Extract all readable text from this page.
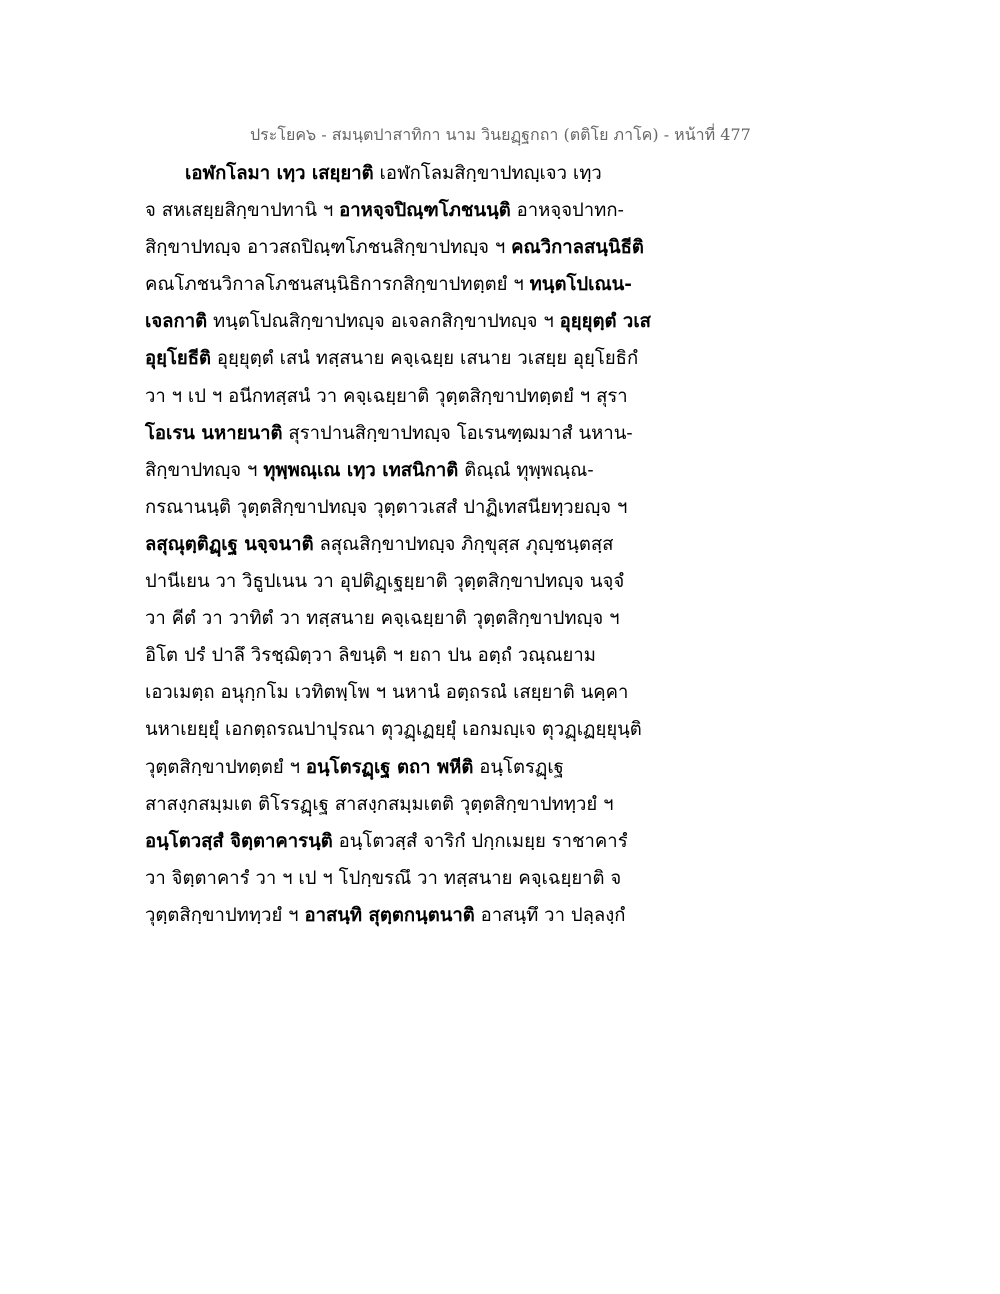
ประโยค๖ - สมนฺตปาสาทิกา นาม วินยฏฺฐกถา (ตติโย ภาโค) - หน้าที่ 477
เอฬกโลมา เทฺว เสยฺยาติ เอฬกโลมสิกฺขาปทญฺเจว เทฺว
จ สหเสยฺยสิกฺขาปทานิ ฯ อาหจฺจปิณฺฑโภชนนฺติ อาหจฺจปาทก-
สิกฺขาปทญฺจ อาวสถปิณฺฑโภชนสิกฺขาปทญฺจ ฯ คณวิกาลสนฺนิธีติ
คณโภชนวิกาลโภชนสนฺนิธิการกสิกฺขาปทตฺตยํ ฯ ทนฺตโปเณน-
เจลกาติ ทนฺตโปณสิกฺขาปทญฺจ อเจลกสิกฺขาปทญฺจ ฯ อุยฺยุตฺตํ วเส
อุยฺโยธีติ อุยฺยุตฺตํ เสนํ ทสฺสนาย คจฺเฉยฺย เสนาย วเสยฺย อุยฺโยธิกํ
วา ฯ เป ฯ อนีกทสฺสนํ วา คจฺเฉยฺยาติ วุตฺตสิกฺขาปทตฺตยํ ฯ สุรา
โอเรน นหายนาติ สุราปานสิกฺขาปทญฺจ โอเรนฑฺฒมาสํ นหาน-
สิกฺขาปทญฺจ ฯ ทุพฺพณฺเณ เทฺว เทสนิกาติ ติณฺณํ ทุพฺพณฺณ-
กรณานนฺติ วุตฺตสิกฺขาปทญฺจ วุตฺตาวเสสํ ปาฏิเทสนียทฺวยญฺจ ฯ
ลสุณุตฺติฏฺเฐ นจฺจนาติ ลสุณสิกฺขาปทญฺจ ภิกฺขุสฺส ภุญฺชนฺตสฺส
ปานีเยน วา วิธูปเนน วา อุปติฏฺเฐยฺยาติ วุตฺตสิกฺขาปทญฺจ นจฺจํ
วา คีตํ วา วาทิตํ วา ทสฺสนาย คจฺเฉยฺยาติ วุตฺตสิกฺขาปทญฺจ ฯ
อิโต ปรํ ปาลึ วิรชฺฌิตฺวา ลิขนฺติ ฯ ยถา ปน อตฺถํ วณฺณยาม
เอวเมตฺถ อนุกฺกโม เวทิตพฺโพ ฯ นหานํ อตฺถรณํ เสยฺยาติ นคฺคา
นหาเยยฺยุํ เอกตฺถรณปาปุรณา ตุวฏฺเฏยฺยุํ เอกมญฺเจ ตุวฏฺเฏยฺยุนฺติ
วุตฺตสิกฺขาปทตฺตยํ ฯ อนฺโตรฏฺเฐ ตถา พหีติ อนฺโตรฏฺเฐ
สาสงฺกสมฺมเต ติโรรฏฺเฐ สาสงฺกสมฺมเตติ วุตฺตสิกฺขาปททฺวยํ ฯ
อนฺโตวสฺสํ จิตฺตาคารนฺติ อนฺโตวสฺสํ จาริกํ ปกฺกเมยฺย ราชาคารํ
วา จิตฺตาคารํ วา ฯ เป ฯ โปกฺขรณึ วา ทสฺสนาย คจฺเฉยฺยาติ จ
วุตฺตสิกฺขาปททฺวยํ ฯ อาสนฺทิ สุตฺตกนฺตนาติ อาสนฺทึ วา ปลฺลงฺกํ
